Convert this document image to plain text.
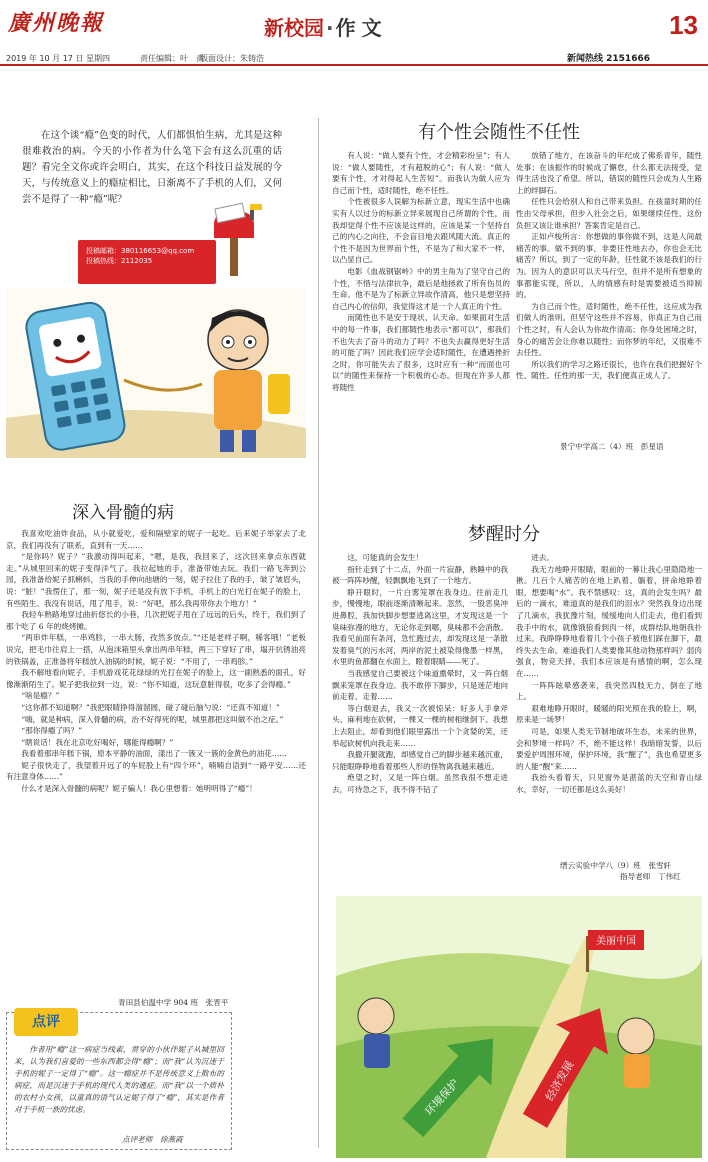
廣州晚報	新校园 · 作文	13
2019 年 10 月 17 日 星期四	责任编辑：叶　责
版面设计：朱铸浩	新闻热线 2151666
在这个谈“瘾”色变的时代，人们都惧怕生病，尤其是这种很难救治的病。今天的小作者为什么笔下会有这么沉重的话题？看完全文你或许会明白，其实，在这个科技日益发展的今天，与传统意义上的瘾症相比，日渐离不了手机的人们，又何尝不是得了一种“瘾”呢？
投稿邮箱：380116653@qq.com
投稿热线：2112035
深入骨髓的病

我喜欢吃油炸食品，从小就爱吃，爱和隔壁家的妮子一起吃。后来妮子举家去了北京，我们再没有了联系，直到有一天……

“是你吗？妮子？”我激动得叫起来，“嗯，是我，我回来了，这次回来拿点东西就走。”从城里回来的妮子变得洋气了。我拉起她的手，准备带她去玩。我们一路飞奔到公园，我准备给妮子抓蝌蚪，当我的手伸向池塘的一刻，妮子拉住了我的手，皱了皱眉头，说：“脏！”我愣住了，那一刻，妮子还是没有放下手机，手机上的白光打在妮子的脸上，有些陌生。我没有说话，甩了甩手，说：“好吧，那么我再带你去个地方！”

我轻车熟路地穿过曲折悠长的小巷，几次把妮子甩在了远远的后头，终于，我们到了那个吃了 6 年的烧烤摊。

“两串炸年糕，一串鸡胗，一串大肠，孜然多放点。”“还是老样子啊，稀客哦！”老板说完，把毛巾往肩上一搭，从泡沫箱里头拿出两串年糕，两三下穿好了串，塌开抗锈油亮的铁锅盖，正准备将年糕放入油锅的时候，妮子说：“不用了，一串鸡胗。”

我不解地看向妮子，手机游戏花花绿绿的光打在妮子的脸上，这一副熟悉的面孔，好像渐渐陌生了。妮子把我拉到一边，说：“你不知道，这玩意脏得很，吃多了会得瘾。”

“啥是瘾？”

“这你都不知道啊？”我把眼睛挣得溜溜圆，碰了碰后脑勺说：“还真不知道！”

“嗨，就是种病，深入骨髓的病，治不好得死的呢，城里都把这叫做不治之症。”

“那你得瘾了吗？”

“瞎说话！我在北京吃好喝好，哪能得瘾啊？”

我看着那串年糕下锅，原本平静的油面，漾出了一簇又一簇的金黄色的油花……

妮子很快走了，我望着开远了的车屁股上有“四个环”，喃喃自语到“一路平安……还有注意身体……”

什么才是深入骨髓的病呢？妮子骗人！我心里想着：她明明得了“瘾”！

青田县伯温中学 904 班　张晋平
点评
作者用“瘾”这一病症当线索，贯穿的小伙伴妮子从城里回来，认为我们喜爱的一些东西都会得“瘾”；而“我”认为沉迷于手机的妮子一定得了“瘾”。这一瘾症并不是传统意义上散布的病症，而是沉迷于手机的现代人类的通症。而“我”以一个质朴的农村小女孩，以童真的语气认定妮子得了“瘾”，其实是作者对于手机一族的忧虑。
点评老师　徐燕霞
有个性会随性不任性

有人说：“做人要有个性，才会精彩纷呈”；有人说：“做人要随性，才有超脱的心”；有人说：“做人要有个性，才对得起人生苦短”。而我认为做人应为自己而个性，适时随性，绝不任性。

个性被很多人误解为标新立意，现实生活中也确实有人以过分的标新立异来展现自己所谓的个性，而我却觉得个性不应该是这样的，应该是某一个坚持自己的内心之向往，不会盲目地去跟风随大流。真正的个性不是因为世界而个性，不是为了和大家不一样，以凸显自己。

电影《血战钢锯岭》中的男主角为了坚守自己的个性，不惜与法律抗争，最后是他拯救了所有伤员的生命。他不是为了标新立异故作清高，他只是想坚持自己内心的信仰，我觉得这才是一个人真正的个性。

而随性也不是安于现状、认天命。如果面对生活中的每一件事，我们都随性地表示“都可以”，那我们不也失去了奋斗的动力了吗？不也失去赢得更好生活的可能了吗？因此我们应学会适时随性，在遭遇挫折之时，你可能失去了很多，这时应有一种“而面也可以”的随性来保持一个积极的心态。但现在许多人都将随性

放错了地方，在该奋斗的年纪成了佛系青年，随性处事；在该振作的时候成了懈怠，什么都无法接受，觉得生活也没了希望。所以，错误的随性只会成为人生路上的绊脚石。

任性只会给别人和自己带来负担。在孩童时期的任性由父母承担，但步入社会之后，如果继续任性，这份负担又该让谁承担？答案肯定是自己。

正如卢梭所言：你想做的事你做不到，这是人间最痛苦的事。做不到的事，非要任性地去办，你也会无比痛苦？所以，到了一定的年龄，任性就不该是我们的行为。因为人的意识可以天马行空，但并不是所有想象的事都能实现，所以，人的情感有时是需要被适当抑制的。

为自己而个性，适时随性，绝不任性，这应成为我们做人的准则。但坚守这些并不容易，你真正为自己而个性之时，有人会认为你故作清高；你身处困境之时，身心的痛苦会让你难以随性；而你梦的年纪，又很难不去任性。

所以我们的学习之路还很长，也许在我们把握好个性、随性、任性的那一天，我们便真正成人了。

景宁中学高二（4）班　彭星语
梦醒时分

这，可能真的会发生！

指针走到了十二点，外面一片寂静，熟睡中的我被一阵阵吵醒，轻飘飘地飞到了一个地方。

睁开眼时，一片白雾笼罩在我身边。往前走几步，慢慢地，眼前逐渐清晰起来。忽然，一股恶臭冲进鼻腔，我加快脚步想要逃离这里，才发现这是一个臭味弥漫的地方，无论你走到哪，臭味都不会消散。我看见前面有条河，急忙跑过去，却发现这是一条散发着臭气的污水河，两岸的泥土被染得像墨一样黑，水里的鱼都翻在水面上，瞪着眼睛——死了。

当我感觉自己要被这个味道熏晕时，又一阵白烟飘来笼罩在我身边。我不敢停下脚步，只是迷茫地向前走着、走着……

等白烟退去，我又一次被惊呆：好多人手拿斧头、麻利地在砍树，一棵又一棵的树相继倒下。我想上去阻止，却看到他们眼里露出一个个贪婪的笑，还举起砍树机向我走来……

我撒开腿就跑，却感觉自己的脚步越来越沉重，只能眼睁睁地看着那些人形的怪物离我越来越近。

绝望之时，又是一阵白烟。虽然我很不想走进去，可待急之下，我不得不钻了

进去。

我无力地睁开眼睛，眼前的一幕让我心里隐隐地一揪。几百个人痛苦的在地上趴着、躺着，拼命地睁着眼，想要喝“水”。我不禁感叹：这，真的会发生吗？最后的一滴水，难道真的是我们的泪水？突然我身边出现了几滴水，我犹豫片刻，缓缓地向人们走去，他们看到我手中的水，就像饿狼看到肉一样，成群结队地朝我扑过来。我睁睁睁地看着几个小孩子被他们踩在脚下，最终失去生命。难道我们人类要像其他动物那样吗？弱肉强食，物竞天择，我们本应该是有感情的啊，怎么现在……

一阵阵眩晕感袭来，我突然四肢无力，倒在了地上。

艰难地睁开眼时，暖暖的阳光照在我的脸上，啊，原来是一场梦！

可是，如果人类无节制地破坏生态，未来的世界，会和梦境一样吗？不，绝不能这样！我暗暗发誓，以后要爱护周围环境，保护环境，我“醒了”，我也希望更多的人能“醒”来……

我抬头看着天，只见窗外是湛蓝的天空和青山绿水，幸好，一切还都是这么美好！

缙云实验中学八（9）班　张雪轩
指导老师　丁伟红
美丽中国
环境保护	经济发展
